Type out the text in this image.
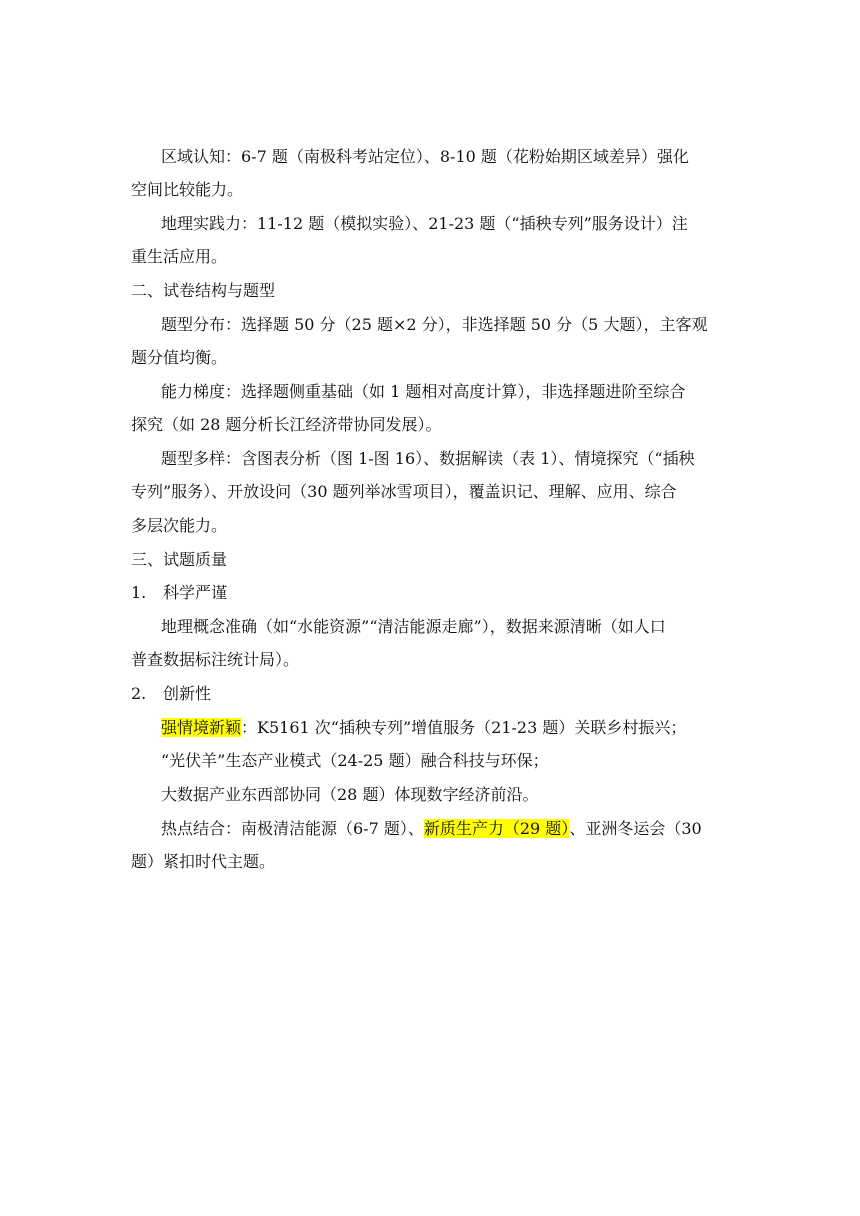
区域认知：6-7 题（南极科考站定位）、8-10 题（花粉始期区域差异）强化
空间比较能力。
地理实践力：11-12 题（模拟实验）、21-23 题（“插秧专列”服务设计）注
重生活应用。
二、试卷结构与题型
题型分布：选择题 50 分（25 题×2 分），非选择题 50 分（5 大题），主客观
题分值均衡。
能力梯度：选择题侧重基础（如 1 题相对高度计算），非选择题进阶至综合
探究（如 28 题分析长江经济带协同发展）。
题型多样：含图表分析（图 1-图 16）、数据解读（表 1）、情境探究（“插秧
专列”服务）、开放设问（30 题列举冰雪项目），覆盖识记、理解、应用、综合
多层次能力。
三、试题质量
1. 科学严谨
地理概念准确（如“水能资源”“清洁能源走廊”），数据来源清晰（如人口
普查数据标注统计局）。
2. 创新性
强情境新颖：K5161 次“插秧专列”增值服务（21-23 题）关联乡村振兴；
“光伏羊”生态产业模式（24-25 题）融合科技与环保；
大数据产业东西部协同（28 题）体现数字经济前沿。
热点结合：南极清洁能源（6-7 题）、新质生产力（29 题）、亚洲冬运会（30
题）紧扣时代主题。
